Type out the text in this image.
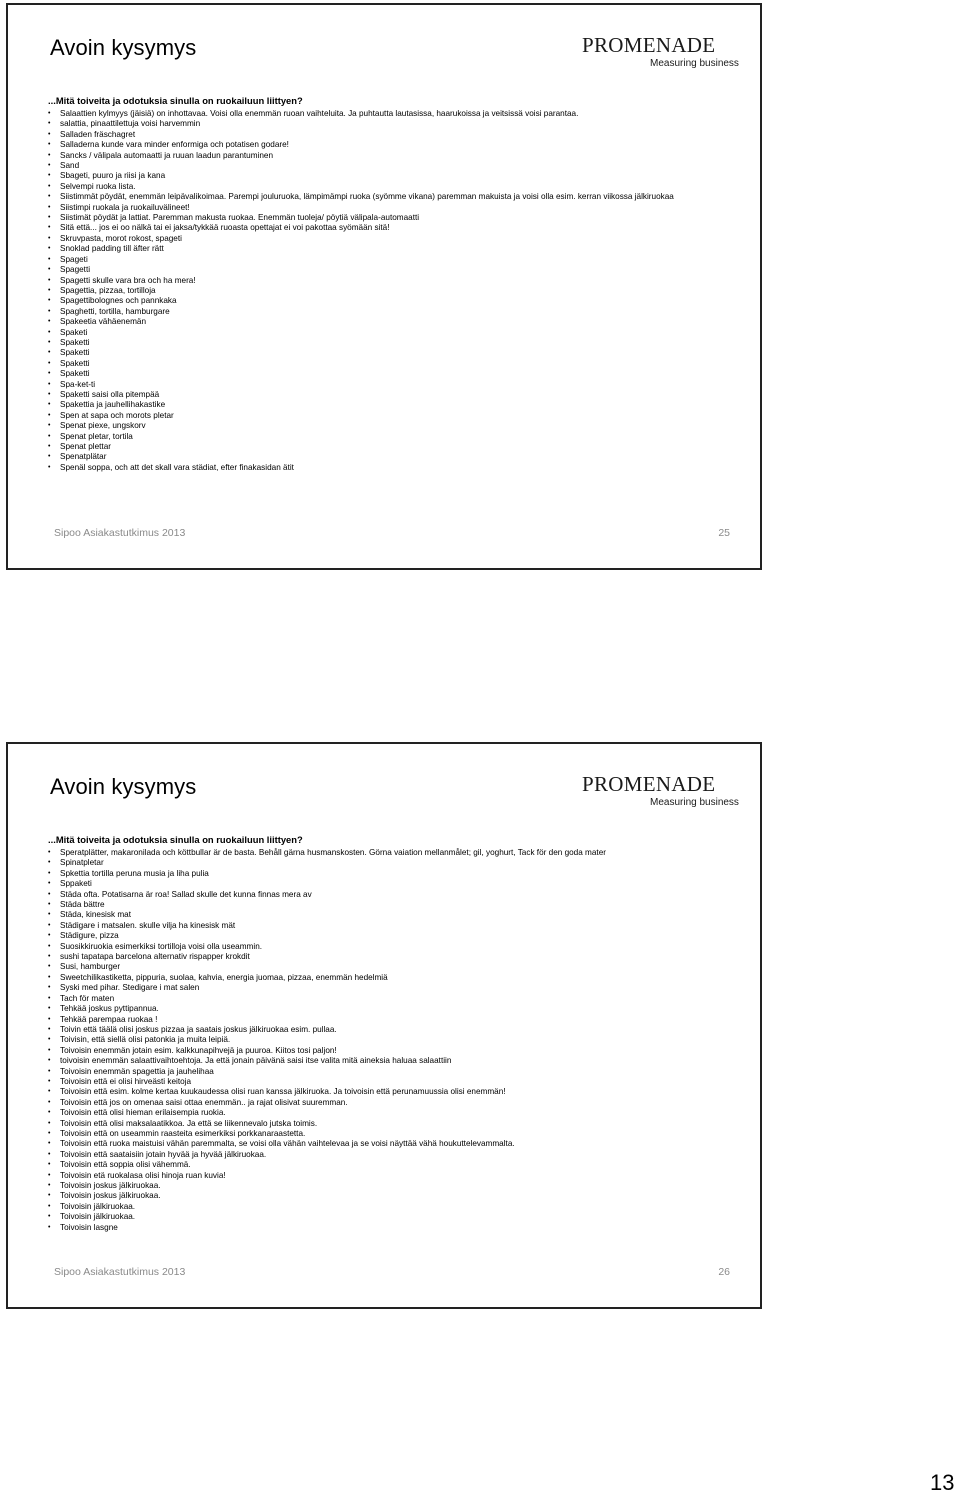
Avoin kysymys	PROMENADE
Measuring business
...Mitä toiveita ja odotuksia sinulla on ruokailuun liittyen?
• Salaattien kylmyys (jäisiä) on inhottavaa. Voisi olla enemmän ruoan vaihteluita. Ja puhtautta lautasissa, haarukoissa ja veitsissä voisi parantaa.
• salattia, pinaattilettuja voisi harvemmin
• Salladen fräschagret
• Salladerna kunde vara minder enformiga och potatisen godare!
• Sancks / välipala automaatti ja ruuan laadun parantuminen
• Sand
• Sbageti, puuro ja riisi ja kana
• Selvempi ruoka lista.
• Siistimmät pöydät, enemmän leipävalikoimaa. Parempi jouluruoka, lämpimämpi ruoka (syömme vikana) paremman makuista ja voisi olla esim. kerran viikossa jälkiruokaa
• Siistimpi ruokala ja ruokailuvälineet!
• Siistimät pöydät ja lattiat. Paremman makusta ruokaa. Enemmän tuoleja/ pöytiä välipala-automaatti
• Sitä että... jos ei oo nälkä tai ei jaksa/tykkää ruoasta opettajat ei voi pakottaa syömään sitä!
• Skruvpasta, morot rokost, spageti
• Snoklad padding till äfter rätt
• Spageti
• Spagetti
• Spagetti skulle vara bra och ha mera!
• Spagettia, pizzaa, tortilloja
• Spagettibolognes och pannkaka
• Spaghetti, tortilla, hamburgare
• Spakeetia vähäenemän
• Spaketi
• Spaketti
• Spaketti
• Spaketti
• Spaketti
• Spa-ket-ti
• Spaketti saisi olla pitempää
• Spakettia ja jauhellihakastike
• Spen at sapa och morots pletar
• Spenat piexe, ungskorv
• Spenat pletar, tortila
• Spenat plettar
• Spenatplätar
• Spenäl soppa, och att det skall vara städiat, efter finakasidan ätit
Sipoo Asiakastutkimus 2013	25
Avoin kysymys	PROMENADE
Measuring business
...Mitä toiveita ja odotuksia sinulla on ruokailuun liittyen?
• Speratplätter, makaronilada och köttbullar är de basta. Behåll gärna husmanskosten. Görna vaiation mellanmålet; gil, yoghurt, Tack för den goda mater
• Spinatpletar
• Spkettia tortilla peruna musia ja liha pulia
• Sppaketi
• Städa ofta. Potatisarna är roa! Sallad skulle det kunna finnas mera av
• Städa bättre
• Städa, kinesisk mat
• Städigare i matsalen. skulle vilja ha kinesisk mät
• Städigure, pizza
• Suosikkiruokia esimerkiksi tortilloja voisi olla useammin.
• sushi tapatapa barcelona alternativ rispapper krokdit
• Susi, hamburger
• Sweetchilikastiketta, pippuria, suolaa, kahvia, energia juomaa, pizzaa, enemmän hedelmiä
• Syski med pihar. Stedigare i mat salen
• Tach för maten
• Tehkää joskus pyttipannua.
• Tehkää parempaa ruokaa !
• Toivin että täälä olisi joskus pizzaa ja saatais joskus jälkiruokaa esim. pullaa.
• Toivisin, että siellä olisi patonkia ja muita leipiä.
• Toivoisin enemmän jotain esim. kalkkunapihvejä ja puuroa. Kiitos tosi paljon!
• toivoisin enemmän salaattivaihtoehtoja. Ja että jonain päivänä saisi itse valita mitä aineksia haluaa salaattiin
• Toivoisin enemmän spagettia ja jauhelihaa
• Toivoisin että ei olisi hirveästi keitoja
• Toivoisin että esim. kolme kertaa kuukaudessa olisi ruan kanssa jälkiruoka. Ja toivoisin että perunamuussia olisi enemmän!
• Toivoisin että jos on omenaa saisi ottaa enemmän.. ja rajat olisivat suuremman.
• Toivoisin että olisi hieman erilaisempia ruokia.
• Toivoisin että olisi maksalaatikkoa. Ja että se liikennevalo jutska toimis.
• Toivoisin että on useammin raasteita esimerkiksi porkkanaraastetta.
• Toivoisin että ruoka maistuisi vähän paremmalta, se voisi olla vähän vaihtelevaa ja se voisi näyttää vähä houkuttelevammalta.
• Toivoisin että saataisiin jotain hyvää ja hyvää jälkiruokaa.
• Toivoisin että soppia olisi vähemmä.
• Toivoisin etä ruokalasa olisi hinoja ruan kuvia!
• Toivoisin joskus jälkiruokaa.
• Toivoisin joskus jälkiruokaa.
• Toivoisin jälkiruokaa.
• Toivoisin jälkiruokaa.
• Toivoisin lasgne
Sipoo Asiakastutkimus 2013	26
13
